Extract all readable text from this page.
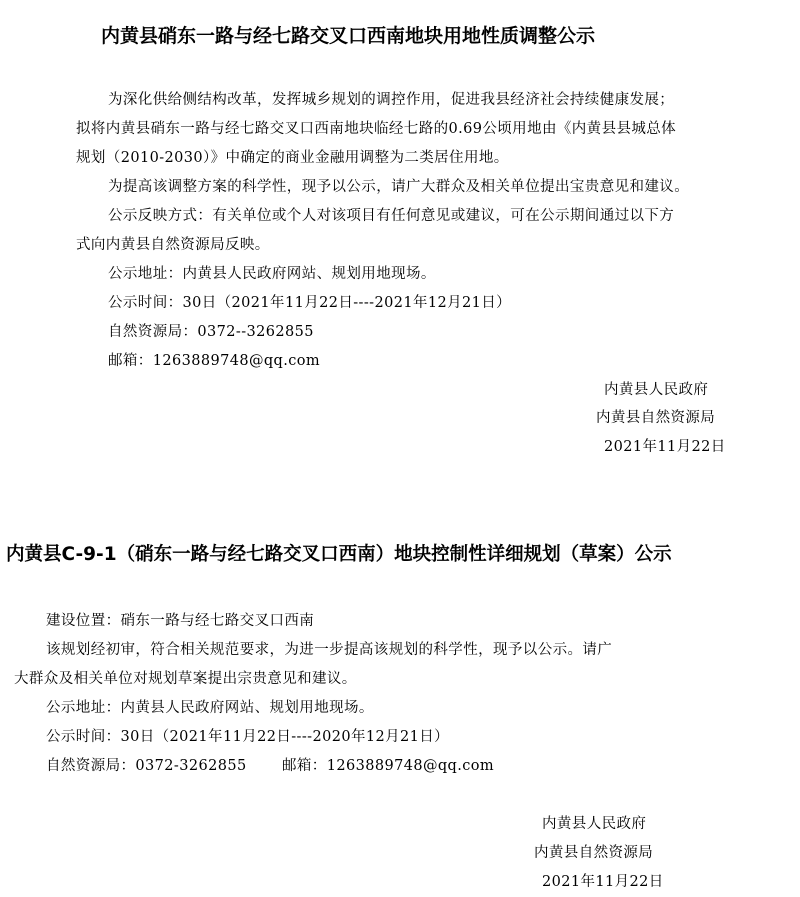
内黄县硝东一路与经七路交叉口西南地块用地性质调整公示
为深化供给侧结构改革，发挥城乡规划的调控作用，促进我县经济社会持续健康发展；
拟将内黄县硝东一路与经七路交叉口西南地块临经七路的0.69公顷用地由《内黄县县城总体
规划（2010-2030）》中确定的商业金融用调整为二类居住用地。
为提高该调整方案的科学性，现予以公示，请广大群众及相关单位提出宝贵意见和建议。
公示反映方式：有关单位或个人对该项目有任何意见或建议，可在公示期间通过以下方
式向内黄县自然资源局反映。
公示地址：内黄县人民政府网站、规划用地现场。
公示时间：30日（2021年11月22日----2021年12月21日）
自然资源局：0372--3262855
邮箱：1263889748@qq.com
内黄县人民政府
内黄县自然资源局
2021年11月22日
内黄县C-9-1（硝东一路与经七路交叉口西南）地块控制性详细规划（草案）公示
建设位置：硝东一路与经七路交叉口西南
该规划经初审，符合相关规范要求，为进一步提高该规划的科学性，现予以公示。请广
大群众及相关单位对规划草案提出宗贵意见和建议。
公示地址：内黄县人民政府网站、规划用地现场。
公示时间：30日（2021年11月22日----2020年12月21日）
自然资源局：0372-3262855 邮箱：1263889748@qq.com
内黄县人民政府
内黄县自然资源局
2021年11月22日
